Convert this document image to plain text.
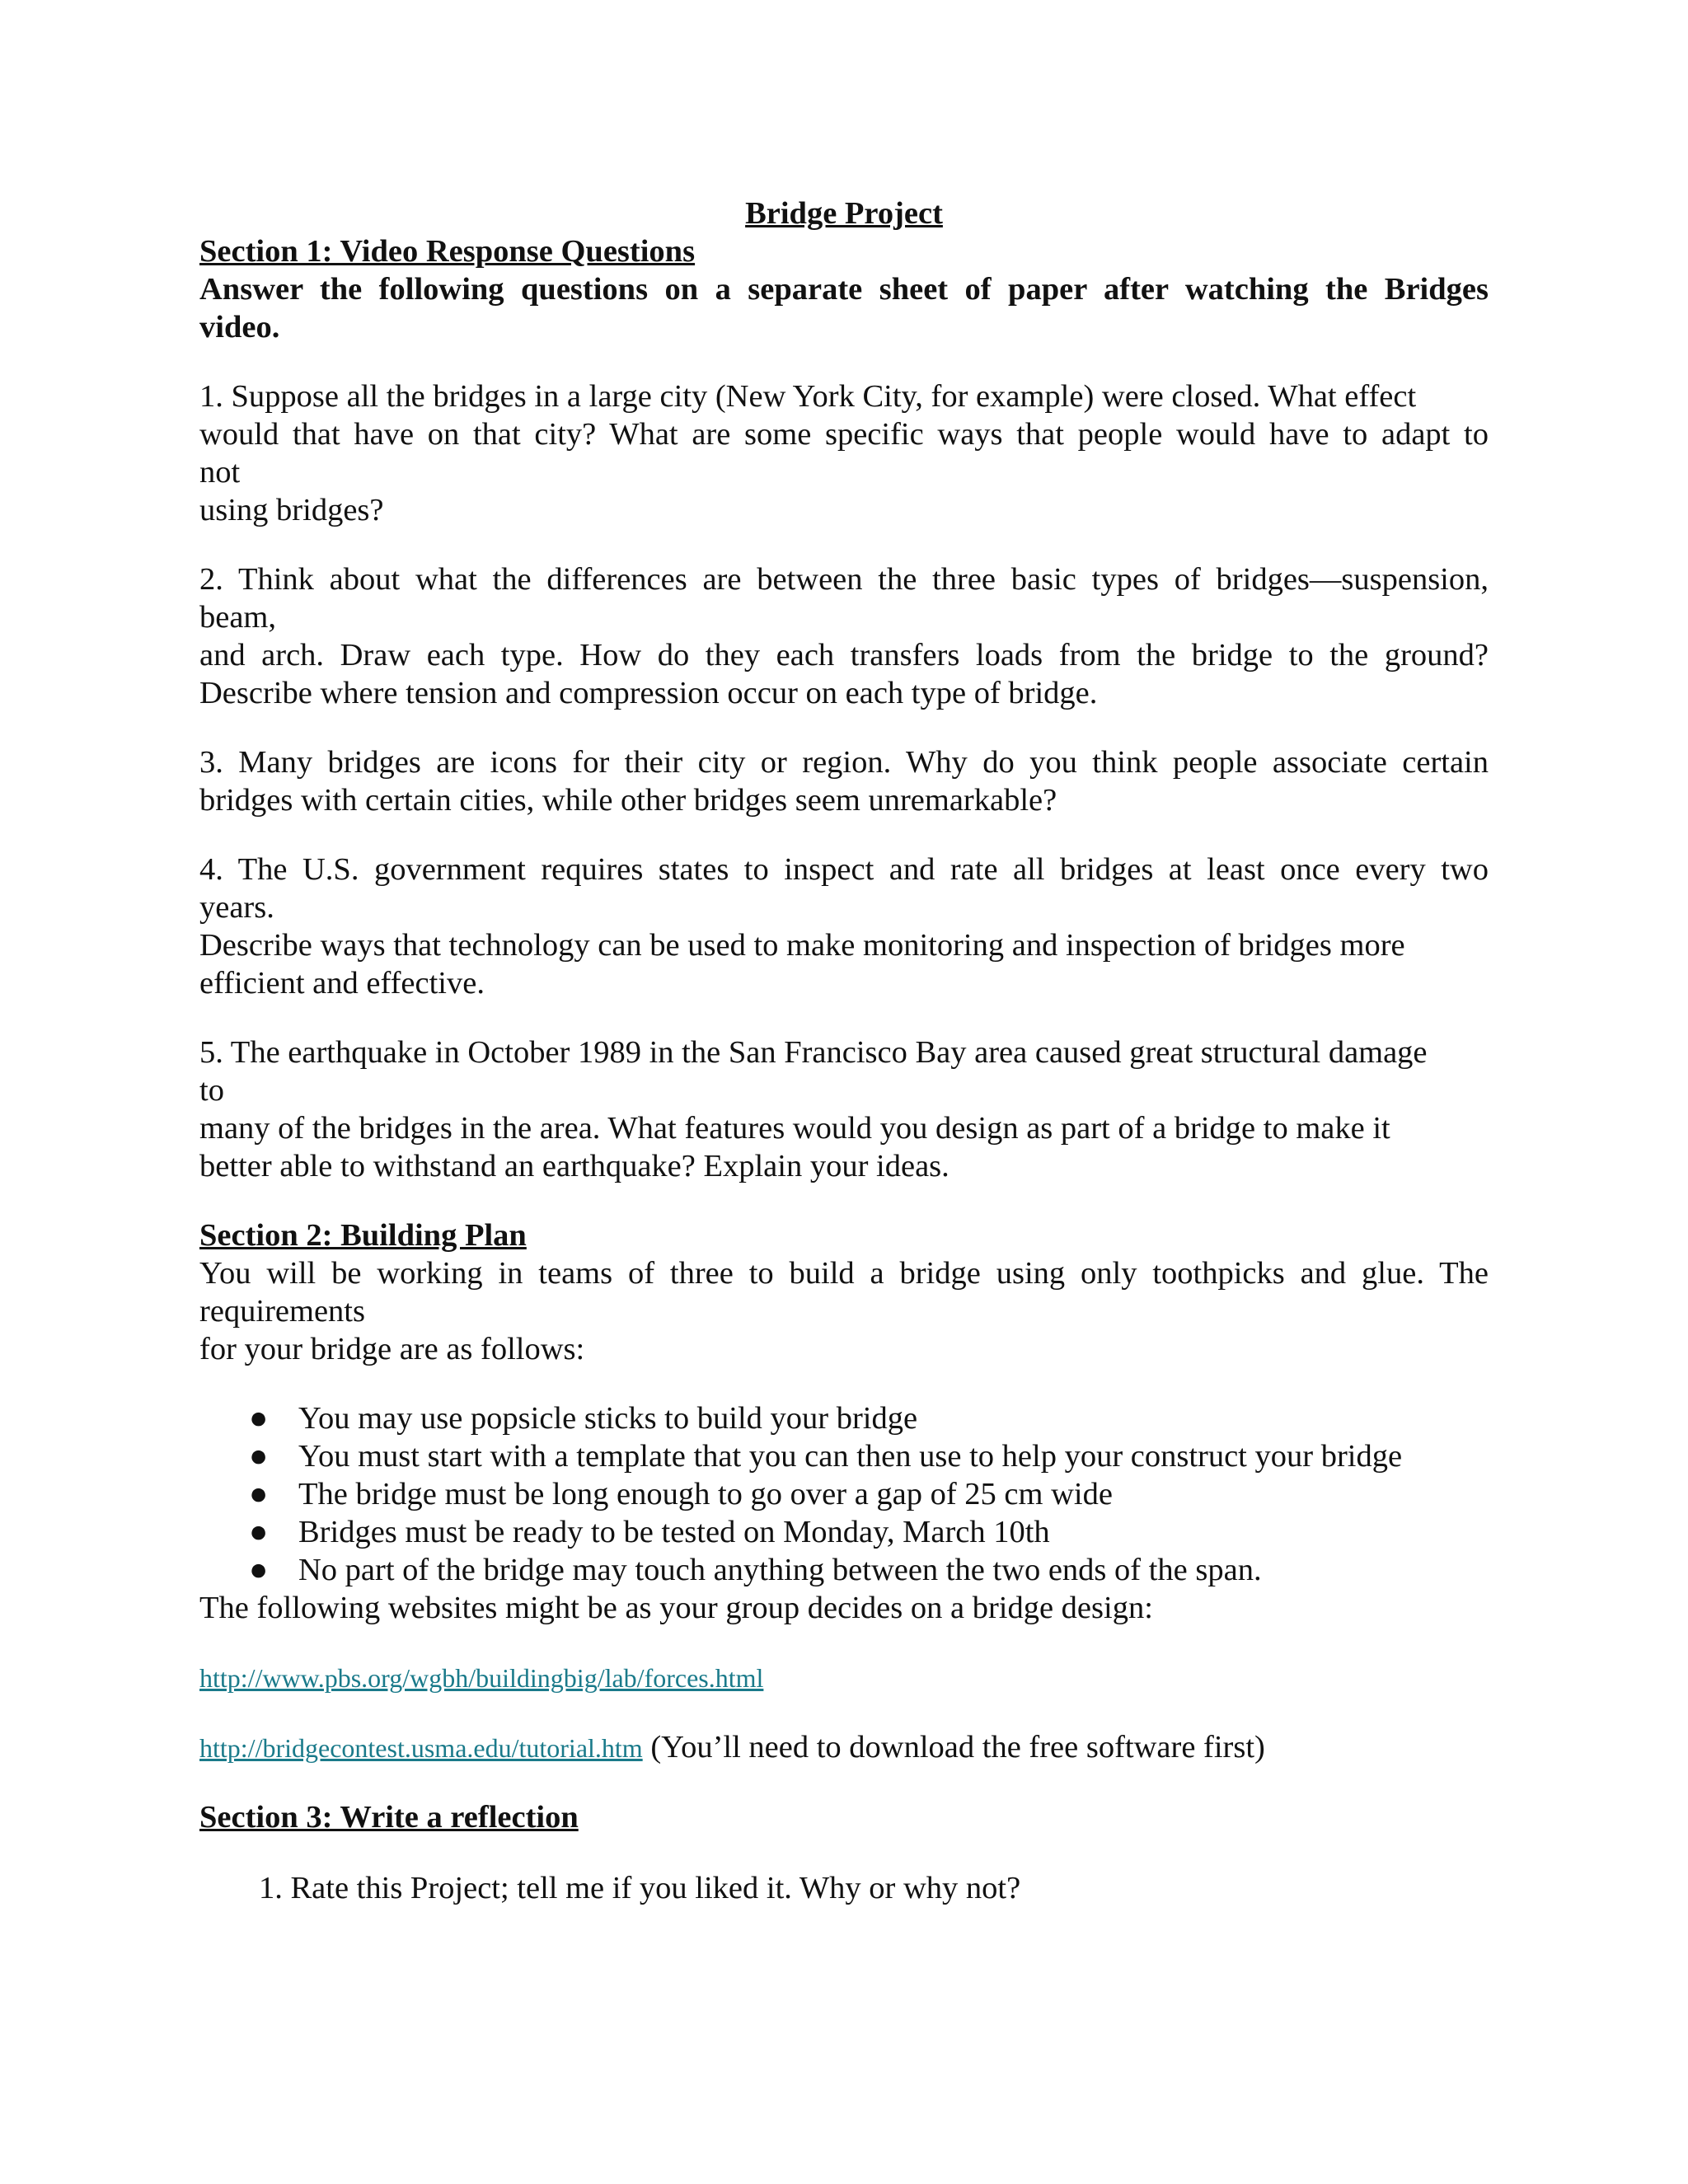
Bridge Project

Section 1: Video Response Questions

Answer the following questions on a separate sheet of paper after watching the Bridges
video.

1. Suppose all the bridges in a large city (New York City, for example) were closed. What effect
would that have on that city? What are some specific ways that people would have to adapt to
not
using bridges?

2. Think about what the differences are between the three basic types of bridges—suspension,
beam,
and arch. Draw each type. How do they each transfers loads from the bridge to the ground?
Describe where tension and compression occur on each type of bridge.

3. Many bridges are icons for their city or region. Why do you think people associate certain
bridges with certain cities, while other bridges seem unremarkable?

4. The U.S. government requires states to inspect and rate all bridges at least once every two
years.
Describe ways that technology can be used to make monitoring and inspection of bridges more
efficient and effective.

5. The earthquake in October 1989 in the San Francisco Bay area caused great structural damage
to
many of the bridges in the area. What features would you design as part of a bridge to make it
better able to withstand an earthquake? Explain your ideas.

Section 2: Building Plan

You will be working in teams of three to build a bridge using only toothpicks and glue. The
requirements
for your bridge are as follows:

● You may use popsicle sticks to build your bridge
● You must start with a template that you can then use to help your construct your bridge
● The bridge must be long enough to go over a gap of 25 cm wide
● Bridges must be ready to be tested on Monday, March 10th
● No part of the bridge may touch anything between the two ends of the span.

The following websites might be as your group decides on a bridge design:

http://www.pbs.org/wgbh/buildingbig/lab/forces.html

http://bridgecontest.usma.edu/tutorial.htm (You’ll need to download the free software first)

Section 3: Write a reflection

1. Rate this Project; tell me if you liked it. Why or why not?
